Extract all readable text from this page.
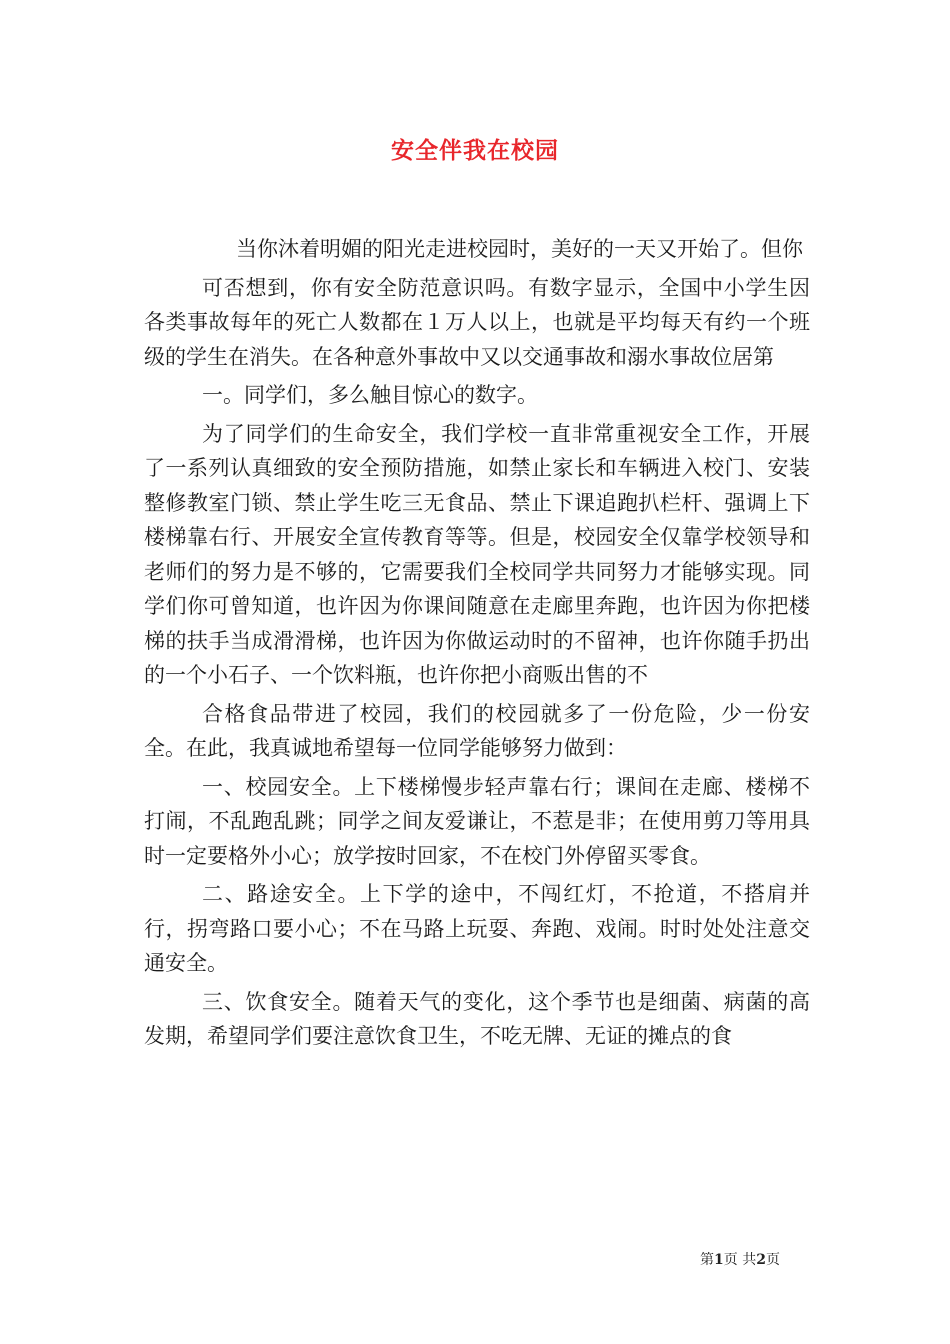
安全伴我在校园

当你沐着明媚的阳光走进校园时，美好的一天又开始了。但你

可否想到，你有安全防范意识吗。有数字显示，全国中小学生因各类事故每年的死亡人数都在１万人以上，也就是平均每天有约一个班级的学生在消失。在各种意外事故中又以交通事故和溺水事故位居第

一。同学们，多么触目惊心的数字。

为了同学们的生命安全，我们学校一直非常重视安全工作，开展了一系列认真细致的安全预防措施，如禁止家长和车辆进入校门、安装整修教室门锁、禁止学生吃三无食品、禁止下课追跑扒栏杆、强调上下楼梯靠右行、开展安全宣传教育等等。但是，校园安全仅靠学校领导和老师们的努力是不够的，它需要我们全校同学共同努力才能够实现。同学们你可曾知道，也许因为你课间随意在走廊里奔跑，也许因为你把楼梯的扶手当成滑滑梯，也许因为你做运动时的不留神，也许你随手扔出的一个小石子、一个饮料瓶，也许你把小商贩出售的不

合格食品带进了校园，我们的校园就多了一份危险，少一份安全。在此，我真诚地希望每一位同学能够努力做到：

一、校园安全。上下楼梯慢步轻声靠右行；课间在走廊、楼梯不打闹，不乱跑乱跳；同学之间友爱谦让，不惹是非；在使用剪刀等用具时一定要格外小心；放学按时回家，不在校门外停留买零食。

二、路途安全。上下学的途中，不闯红灯，不抢道，不搭肩并行，拐弯路口要小心；不在马路上玩耍、奔跑、戏闹。时时处处注意交通安全。

三、饮食安全。随着天气的变化，这个季节也是细菌、病菌的高发期，希望同学们要注意饮食卫生，不吃无牌、无证的摊点的食

第1页 共2页
